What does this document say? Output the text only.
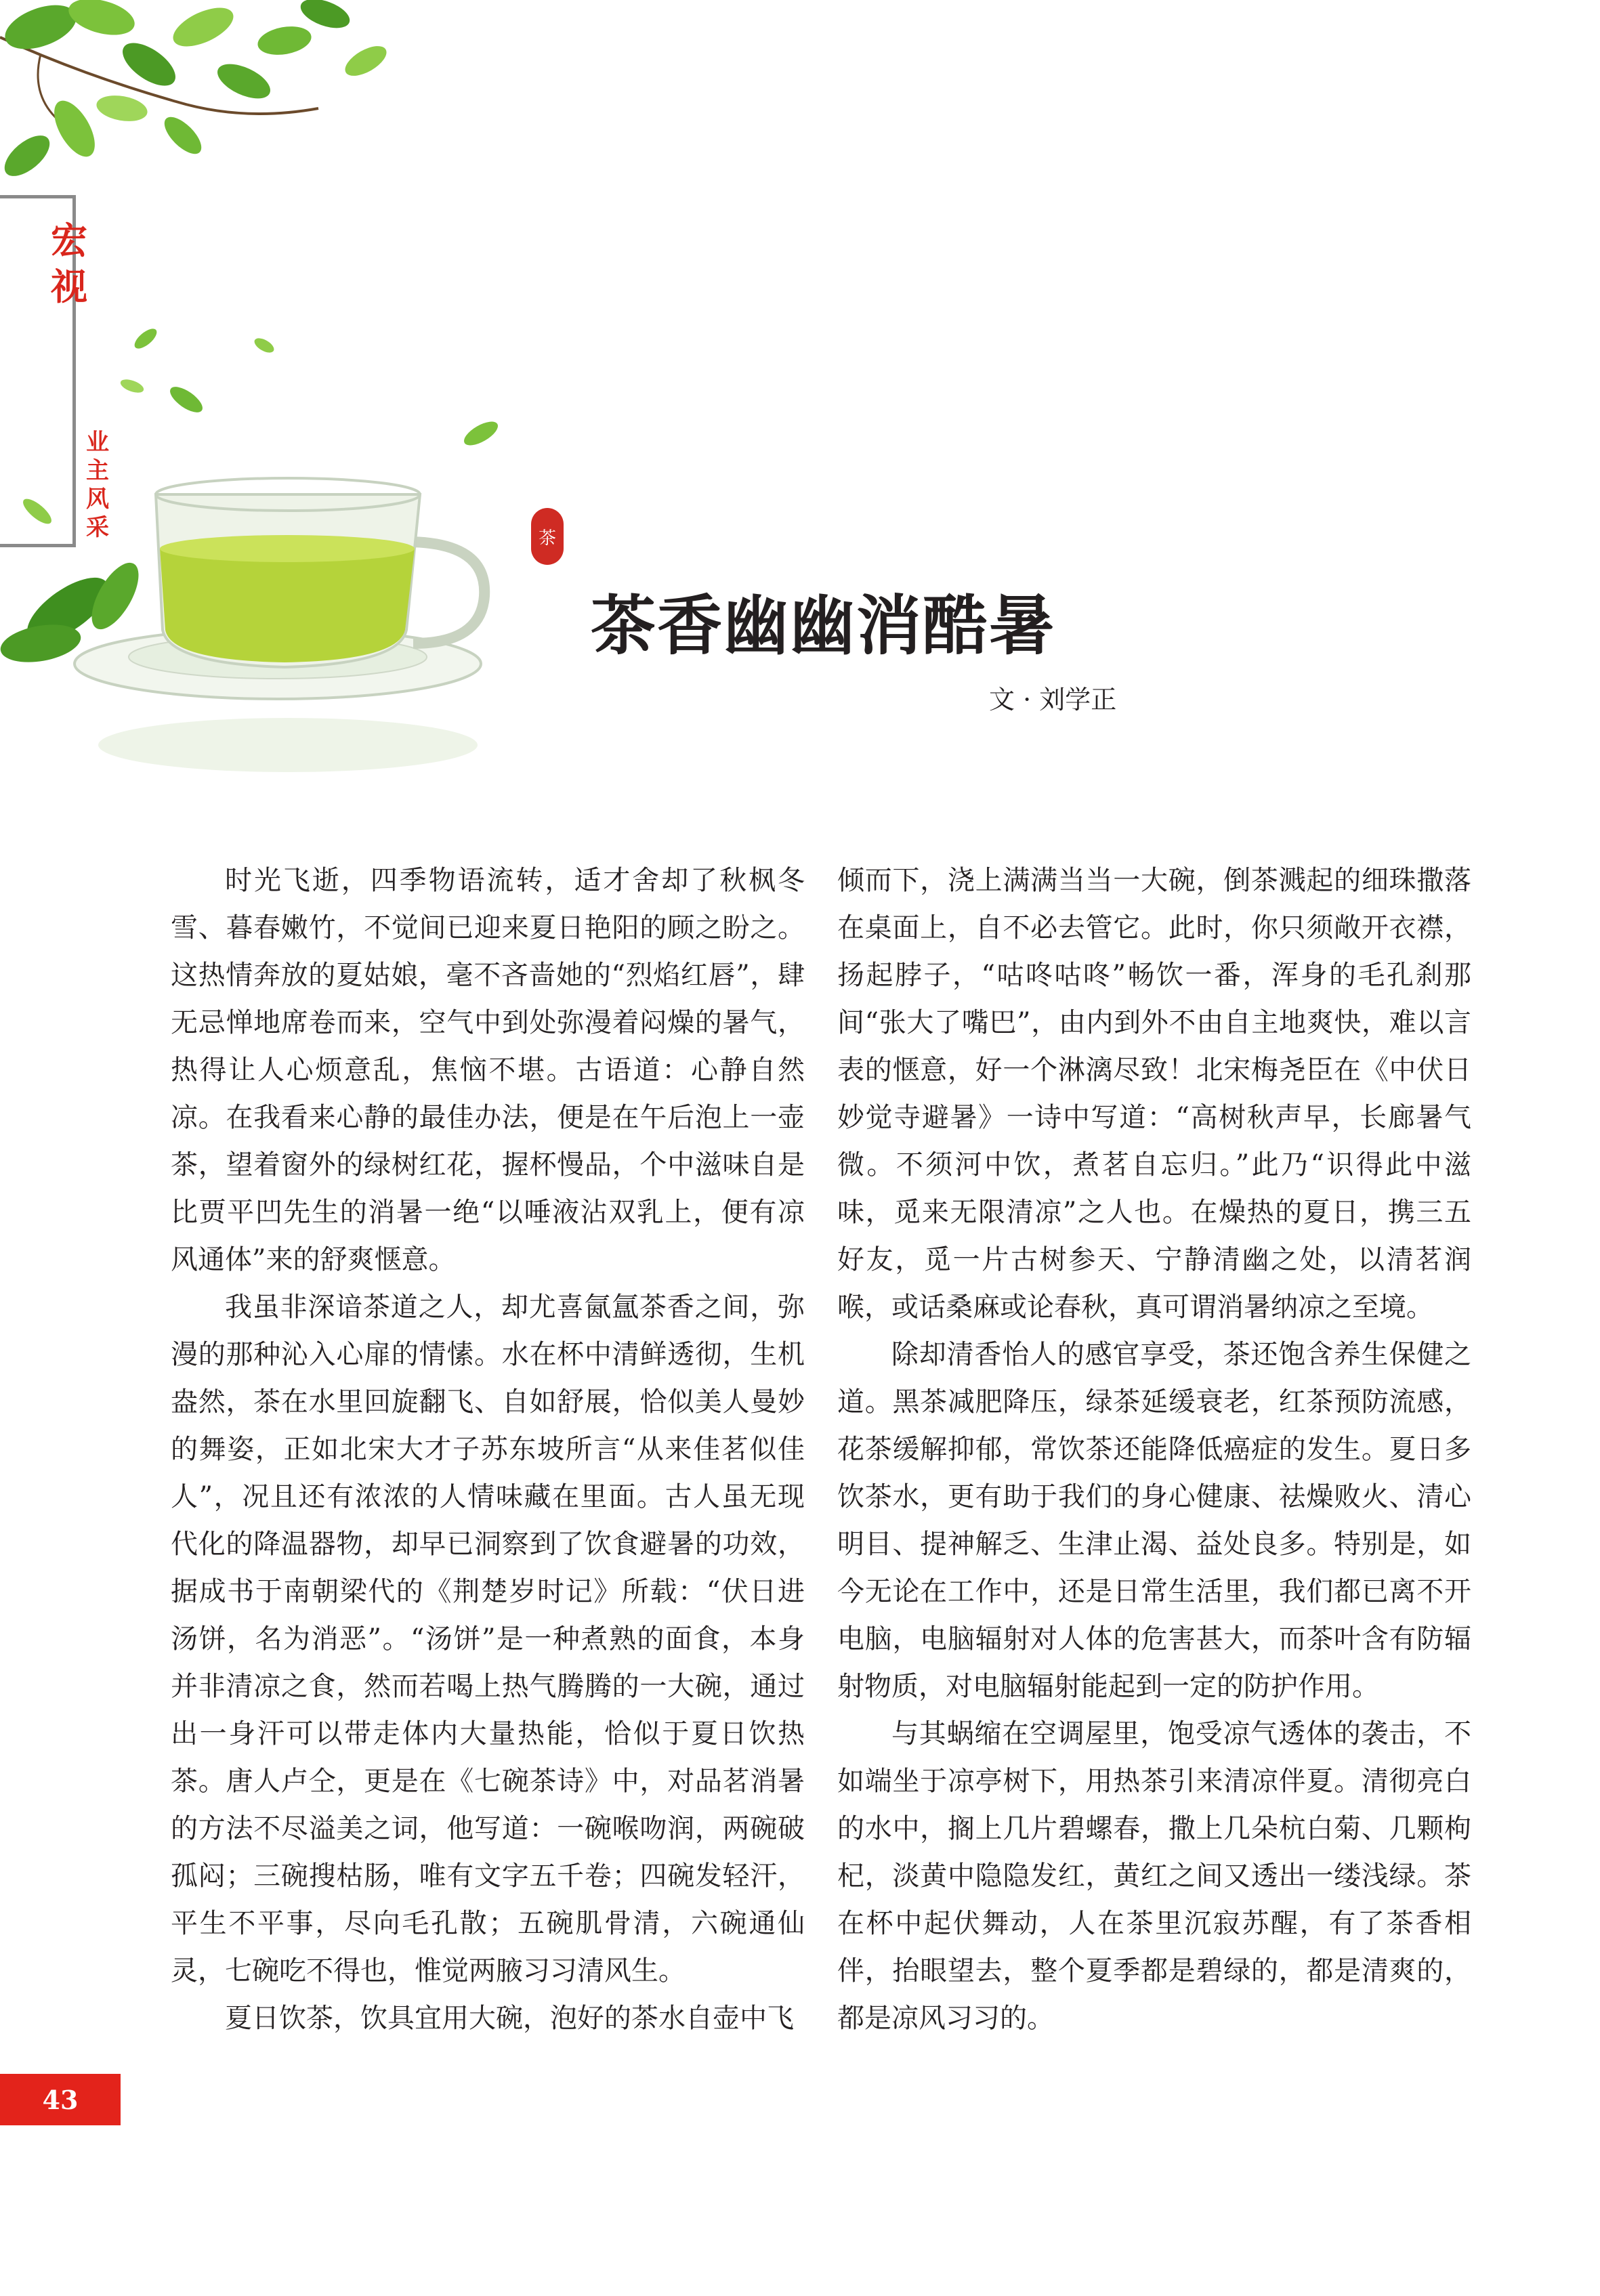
宏视
业主风采	茶
茶香幽幽消酷暑
文 · 刘学正

时光飞逝，四季物语流转，适才舍却了秋枫冬雪、暮春嫩竹，不觉间已迎来夏日艳阳的顾之盼之。这热情奔放的夏姑娘，毫不吝啬她的“烈焰红唇”，肆无忌惮地席卷而来，空气中到处弥漫着闷燥的暑气，热得让人心烦意乱，焦恼不堪。古语道：心静自然凉。在我看来心静的最佳办法，便是在午后泡上一壶茶，望着窗外的绿树红花，握杯慢品，个中滋味自是比贾平凹先生的消暑一绝“以唾液沾双乳上，便有凉风通体”来的舒爽惬意。

我虽非深谙茶道之人，却尤喜氤氲茶香之间，弥漫的那种沁入心扉的情愫。水在杯中清鲜透彻，生机盎然，茶在水里回旋翻飞、自如舒展，恰似美人曼妙的舞姿，正如北宋大才子苏东坡所言“从来佳茗似佳人”，况且还有浓浓的人情味藏在里面。古人虽无现代化的降温器物，却早已洞察到了饮食避暑的功效，据成书于南朝梁代的《荆楚岁时记》所载：“伏日进汤饼，名为消恶”。“汤饼”是一种煮熟的面食，本身并非清凉之食，然而若喝上热气腾腾的一大碗，通过出一身汗可以带走体内大量热能，恰似于夏日饮热茶。唐人卢仝，更是在《七碗茶诗》中，对品茗消暑的方法不尽溢美之词，他写道：一碗喉吻润，两碗破孤闷；三碗搜枯肠，唯有文字五千卷；四碗发轻汗，平生不平事，尽向毛孔散；五碗肌骨清，六碗通仙灵，七碗吃不得也，惟觉两腋习习清风生。

夏日饮茶，饮具宜用大碗，泡好的茶水自壶中飞

倾而下，浇上满满当当一大碗，倒茶溅起的细珠撒落在桌面上，自不必去管它。此时，你只须敞开衣襟，扬起脖子，“咕咚咕咚”畅饮一番，浑身的毛孔刹那间“张大了嘴巴”，由内到外不由自主地爽快，难以言表的惬意，好一个淋漓尽致！北宋梅尧臣在《中伏日妙觉寺避暑》一诗中写道：“高树秋声早，长廊暑气微。不须河中饮，煮茗自忘归。”此乃“识得此中滋味，觅来无限清凉”之人也。在燥热的夏日，携三五好友，觅一片古树参天、宁静清幽之处，以清茗润喉，或话桑麻或论春秋，真可谓消暑纳凉之至境。

除却清香怡人的感官享受，茶还饱含养生保健之道。黑茶减肥降压，绿茶延缓衰老，红茶预防流感，花茶缓解抑郁，常饮茶还能降低癌症的发生。夏日多饮茶水，更有助于我们的身心健康、祛燥败火、清心明目、提神解乏、生津止渴、益处良多。特别是，如今无论在工作中，还是日常生活里，我们都已离不开电脑，电脑辐射对人体的危害甚大，而茶叶含有防辐射物质，对电脑辐射能起到一定的防护作用。

与其蜗缩在空调屋里，饱受凉气透体的袭击，不如端坐于凉亭树下，用热茶引来清凉伴夏。清彻亮白的水中，搁上几片碧螺春，撒上几朵杭白菊、几颗枸杞，淡黄中隐隐发红，黄红之间又透出一缕浅绿。茶在杯中起伏舞动，人在茶里沉寂苏醒，有了茶香相伴，抬眼望去，整个夏季都是碧绿的，都是清爽的，都是凉风习习的。

43
